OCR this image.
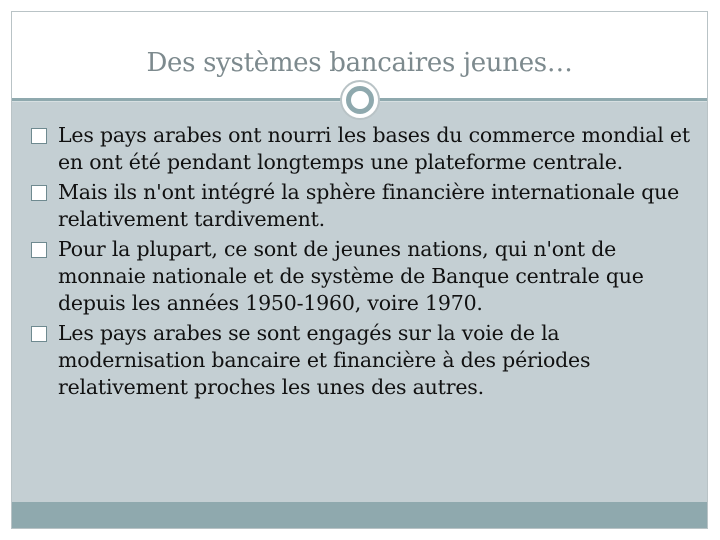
Des systèmes bancaires jeunes…
Les pays arabes ont nourri les bases du commerce mondial et en ont été pendant longtemps une plateforme centrale.
Mais ils n'ont intégré la sphère financière internationale que relativement tardivement.
Pour la plupart, ce sont de jeunes nations, qui n'ont de monnaie nationale et de système de Banque centrale que depuis les années 1950-1960, voire 1970.
Les pays arabes se sont engagés sur la voie de la modernisation bancaire et financière à des périodes relativement proches les unes des autres.
